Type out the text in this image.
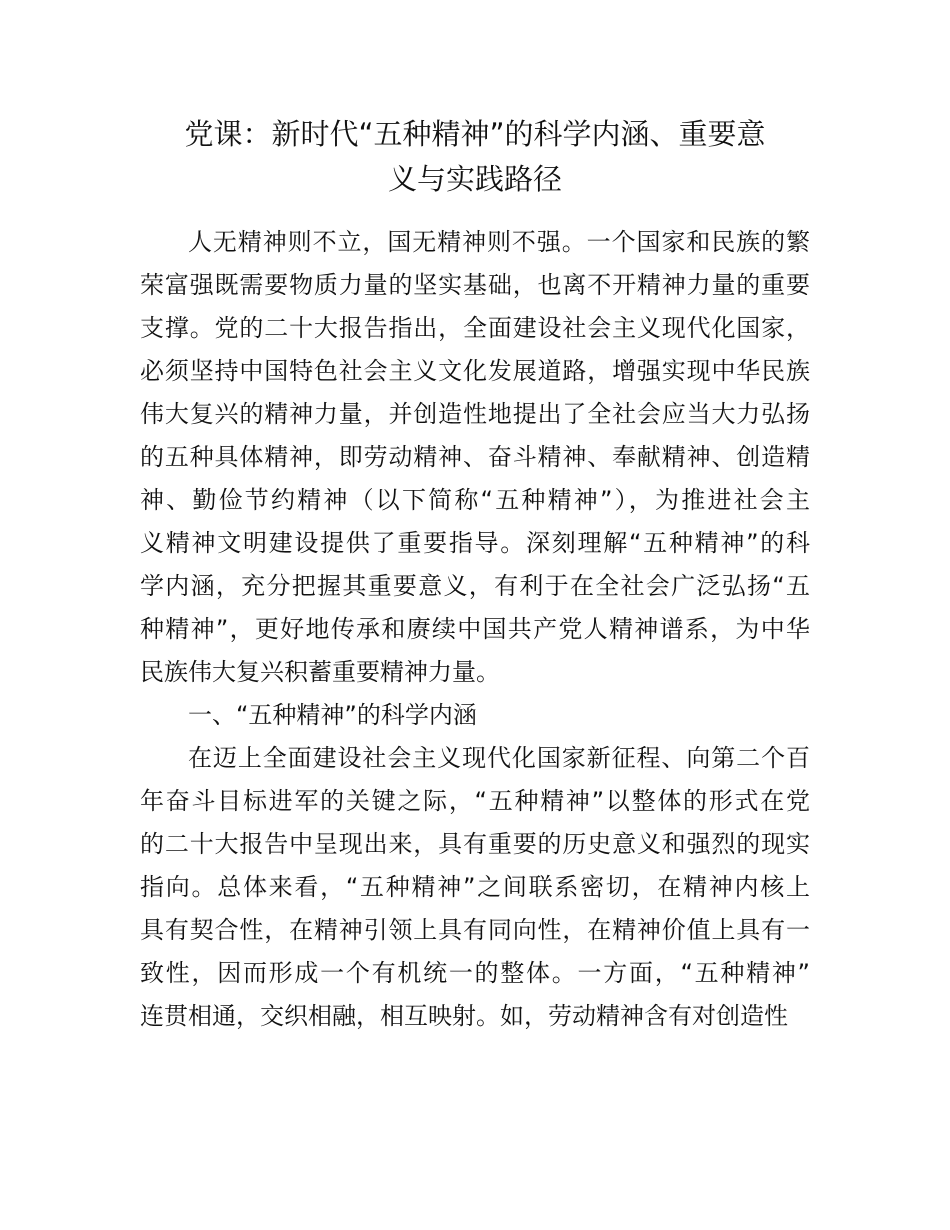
党课：新时代“五种精神”的科学内涵、重要意
义与实践路径
人无精神则不立，国无精神则不强。一个国家和民族的繁
荣富强既需要物质力量的坚实基础，也离不开精神力量的重要
支撑。党的二十大报告指出，全面建设社会主义现代化国家，
必须坚持中国特色社会主义文化发展道路，增强实现中华民族
伟大复兴的精神力量，并创造性地提出了全社会应当大力弘扬
的五种具体精神，即劳动精神、奋斗精神、奉献精神、创造精
神、勤俭节约精神（以下简称“五种精神”），为推进社会主
义精神文明建设提供了重要指导。深刻理解“五种精神”的科
学内涵，充分把握其重要意义，有利于在全社会广泛弘扬“五
种精神”，更好地传承和赓续中国共产党人精神谱系，为中华
民族伟大复兴积蓄重要精神力量。
一、“五种精神”的科学内涵
在迈上全面建设社会主义现代化国家新征程、向第二个百
年奋斗目标进军的关键之际，“五种精神”以整体的形式在党
的二十大报告中呈现出来，具有重要的历史意义和强烈的现实
指向。总体来看，“五种精神”之间联系密切，在精神内核上
具有契合性，在精神引领上具有同向性，在精神价值上具有一
致性，因而形成一个有机统一的整体。一方面，“五种精神”
连贯相通，交织相融，相互映射。如，劳动精神含有对创造性
